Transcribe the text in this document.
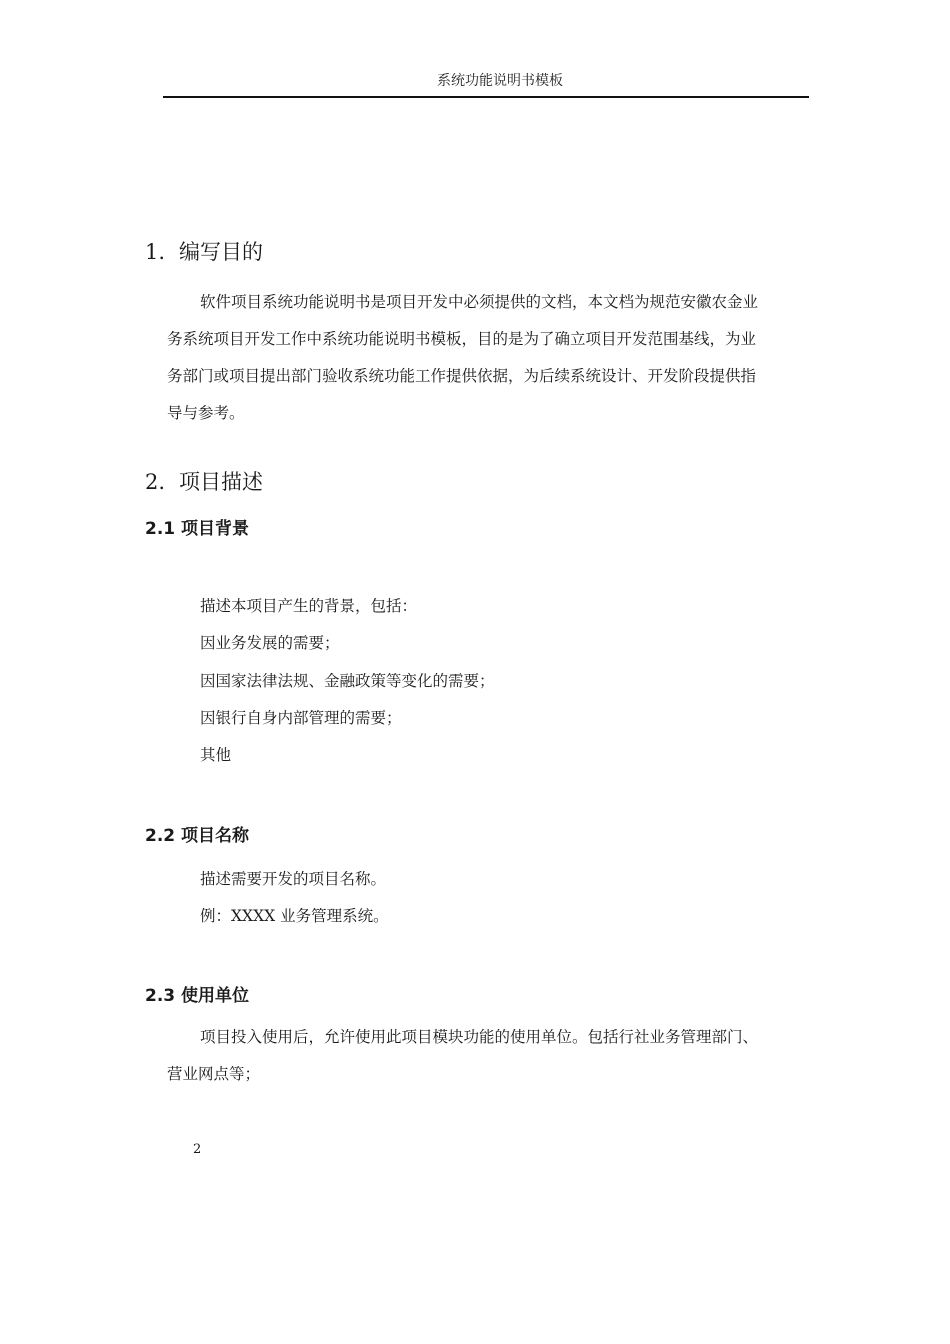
系统功能说明书模板
1. 编写目的
软件项目系统功能说明书是项目开发中必须提供的文档，本文档为规范安徽农金业
务系统项目开发工作中系统功能说明书模板，目的是为了确立项目开发范围基线，为业
务部门或项目提出部门验收系统功能工作提供依据，为后续系统设计、开发阶段提供指
导与参考。
2. 项目描述
2.1 项目背景
描述本项目产生的背景，包括：
因业务发展的需要；
因国家法律法规、金融政策等变化的需要；
因银行自身内部管理的需要；
其他
2.2 项目名称
描述需要开发的项目名称。
例：XXXX 业务管理系统。
2.3 使用单位
项目投入使用后，允许使用此项目模块功能的使用单位。包括行社业务管理部门、
营业网点等；
2
